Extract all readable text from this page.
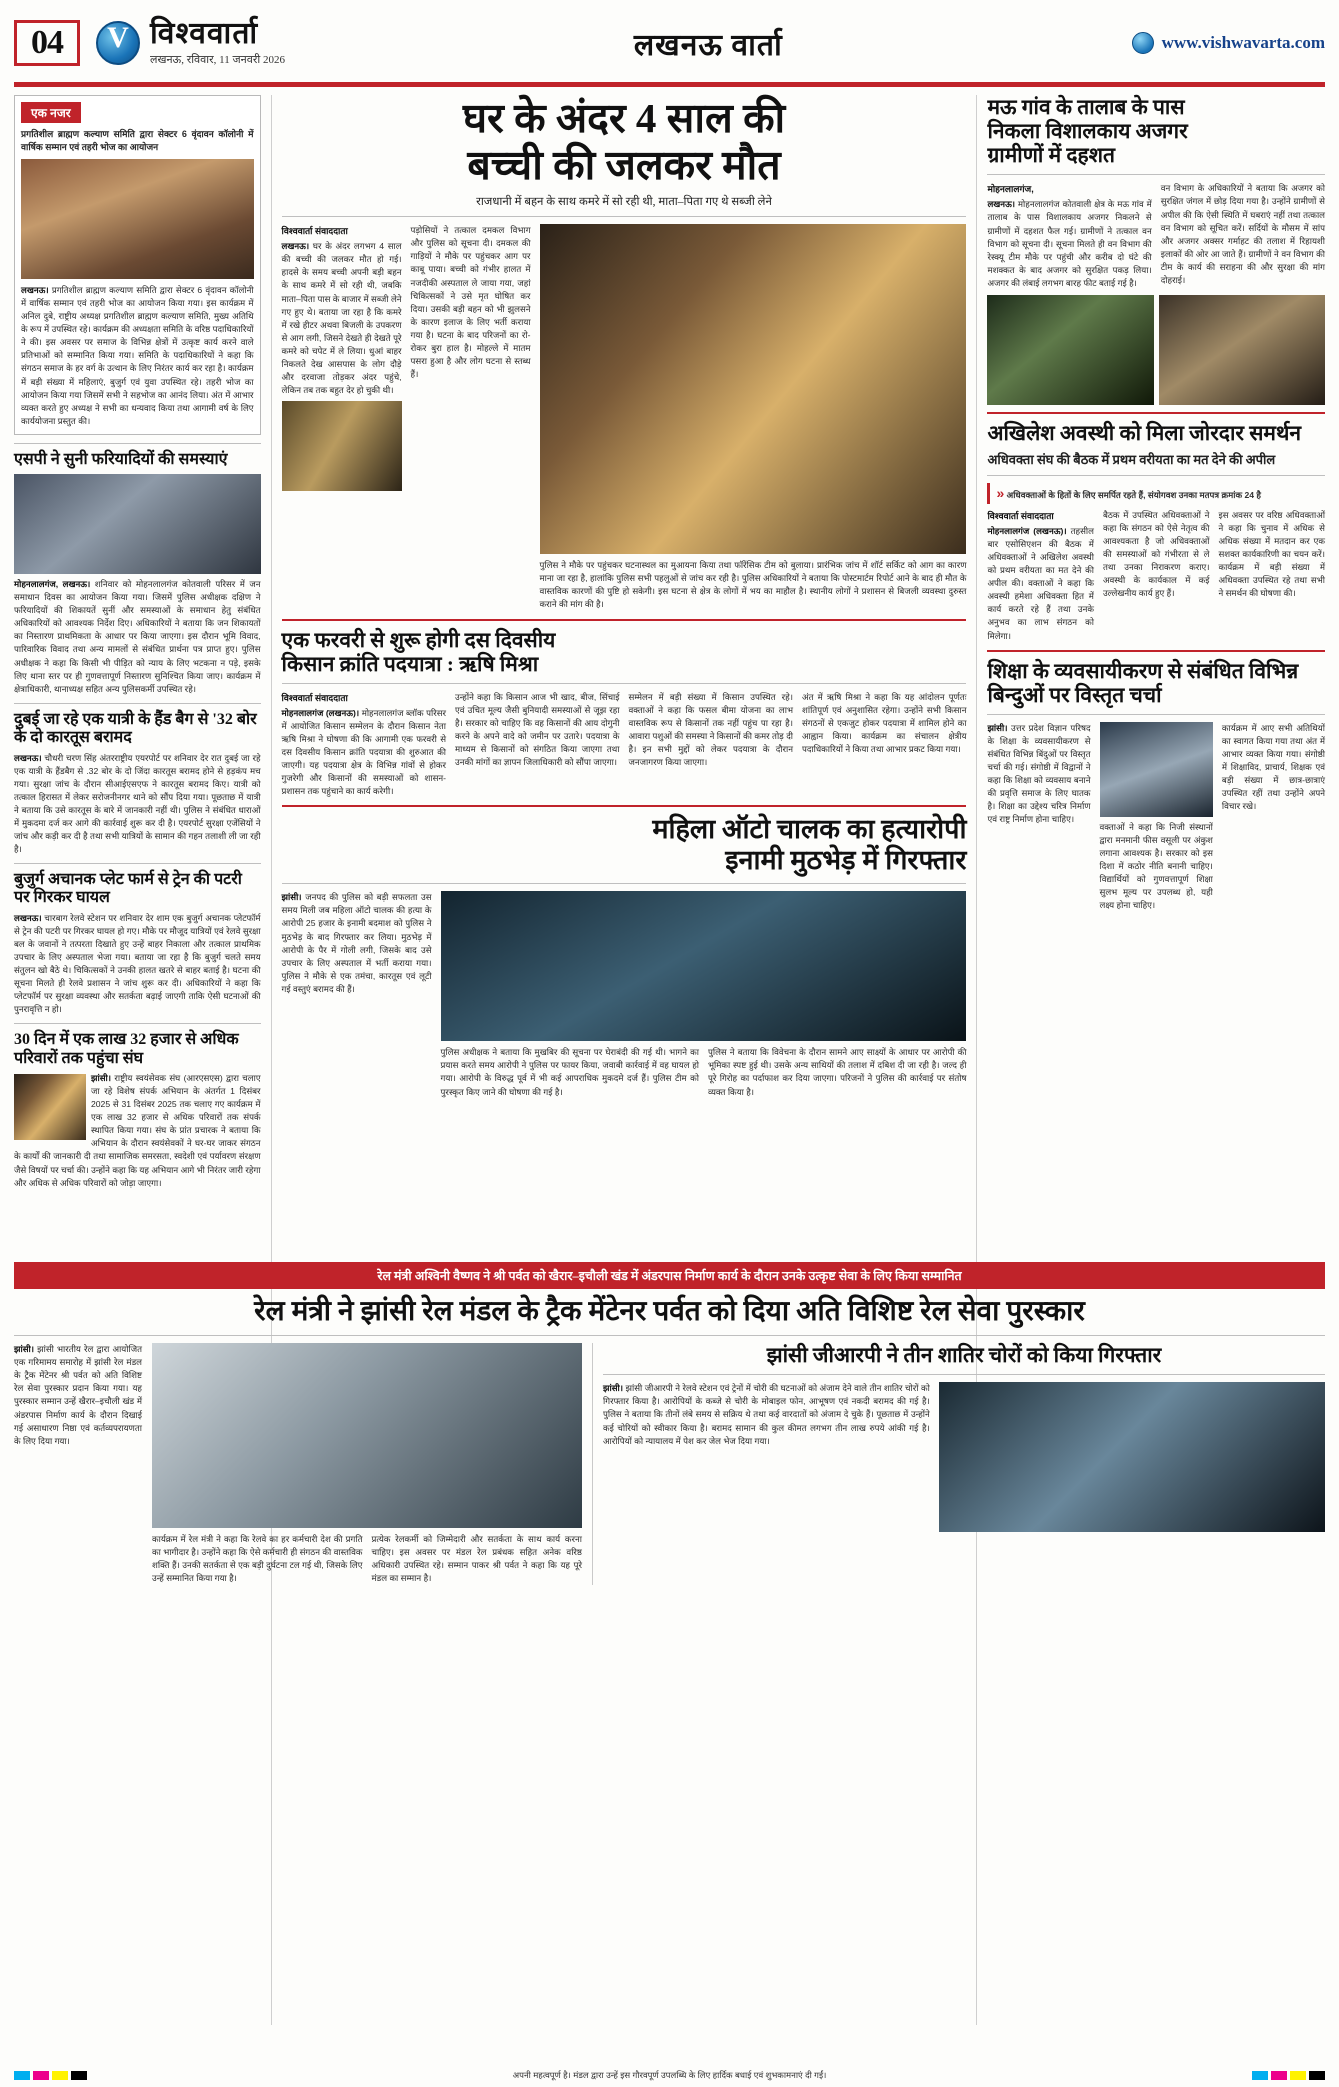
04 V	विश्ववार्ता
लखनऊ, रविवार, 11 जनवरी 2026	लखनऊ वार्ता	www.vishwavarta.com
एक नजर
प्रगतिशील ब्राह्मण कल्याण समिति द्वारा सेक्टर 6 वृंदावन कॉलोनी में वार्षिक सम्मान एवं तहरी भोज का आयोजन
लखनऊ। प्रगतिशील ब्राह्मण कल्याण समिति द्वारा सेक्टर 6 वृंदावन कॉलोनी में वार्षिक सम्मान एवं तहरी भोज का आयोजन किया गया। इस कार्यक्रम में अनिल दुबे, राष्ट्रीय अध्यक्ष प्रगतिशील ब्राह्मण कल्याण समिति, मुख्य अतिथि के रूप में उपस्थित रहे। कार्यक्रम की अध्यक्षता समिति के वरिष्ठ पदाधिकारियों ने की। इस अवसर पर समाज के विभिन्न क्षेत्रों में उत्कृष्ट कार्य करने वाले प्रतिभाओं को सम्मानित किया गया। समिति के पदाधिकारियों ने कहा कि संगठन समाज के हर वर्ग के उत्थान के लिए निरंतर कार्य कर रहा है। कार्यक्रम में बड़ी संख्या में महिलाएं, बुजुर्ग एवं युवा उपस्थित रहे। तहरी भोज का आयोजन किया गया जिसमें सभी ने सहभोज का आनंद लिया। अंत में आभार व्यक्त करते हुए अध्यक्ष ने सभी का धन्यवाद किया तथा आगामी वर्ष के लिए कार्ययोजना प्रस्तुत की।
एसपी ने सुनी फरियादियों की समस्याएं
मोहनलालगंज, लखनऊ। शनिवार को मोहनलालगंज कोतवाली परिसर में जन समाधान दिवस का आयोजन किया गया। जिसमें पुलिस अधीक्षक दक्षिण ने फरियादियों की शिकायतें सुनीं और समस्याओं के समाधान हेतु संबंधित अधिकारियों को आवश्यक निर्देश दिए। अधिकारियों ने बताया कि जन शिकायतों का निस्तारण प्राथमिकता के आधार पर किया जाएगा। इस दौरान भूमि विवाद, पारिवारिक विवाद तथा अन्य मामलों से संबंधित प्रार्थना पत्र प्राप्त हुए। पुलिस अधीक्षक ने कहा कि किसी भी पीड़ित को न्याय के लिए भटकना न पड़े, इसके लिए थाना स्तर पर ही गुणवत्तापूर्ण निस्तारण सुनिश्चित किया जाए। कार्यक्रम में क्षेत्राधिकारी, थानाध्यक्ष सहित अन्य पुलिसकर्मी उपस्थित रहे।
दुबई जा रहे एक यात्री के हैंड बैग से '32 बोर के दो कारतूस बरामद
लखनऊ। चौधरी चरण सिंह अंतरराष्ट्रीय एयरपोर्ट पर शनिवार देर रात दुबई जा रहे एक यात्री के हैंडबैग से .32 बोर के दो जिंदा कारतूस बरामद होने से हड़कंप मच गया। सुरक्षा जांच के दौरान सीआईएसएफ ने कारतूस बरामद किए। यात्री को तत्काल हिरासत में लेकर सरोजनीनगर थाने को सौंप दिया गया। पूछताछ में यात्री ने बताया कि उसे कारतूस के बारे में जानकारी नहीं थी। पुलिस ने संबंधित धाराओं में मुकदमा दर्ज कर आगे की कार्रवाई शुरू कर दी है। एयरपोर्ट सुरक्षा एजेंसियों ने जांच और कड़ी कर दी है तथा सभी यात्रियों के सामान की गहन तलाशी ली जा रही है।
बुजुर्ग अचानक प्लेट फार्म से ट्रेन की पटरी पर गिरकर घायल
लखनऊ। चारबाग रेलवे स्टेशन पर शनिवार देर शाम एक बुजुर्ग अचानक प्लेटफॉर्म से ट्रेन की पटरी पर गिरकर घायल हो गए। मौके पर मौजूद यात्रियों एवं रेलवे सुरक्षा बल के जवानों ने तत्परता दिखाते हुए उन्हें बाहर निकाला और तत्काल प्राथमिक उपचार के लिए अस्पताल भेजा गया। बताया जा रहा है कि बुजुर्ग चलते समय संतुलन खो बैठे थे। चिकित्सकों ने उनकी हालत खतरे से बाहर बताई है। घटना की सूचना मिलते ही रेलवे प्रशासन ने जांच शुरू कर दी। अधिकारियों ने कहा कि प्लेटफॉर्म पर सुरक्षा व्यवस्था और सतर्कता बढ़ाई जाएगी ताकि ऐसी घटनाओं की पुनरावृत्ति न हो।
30 दिन में एक लाख 32 हजार से अधिक परिवारों तक पहुंचा संघ
झांसी। राष्ट्रीय स्वयंसेवक संघ (आरएसएस) द्वारा चलाए जा रहे विशेष संपर्क अभियान के अंतर्गत 1 दिसंबर 2025 से 31 दिसंबर 2025 तक चलाए गए कार्यक्रम में एक लाख 32 हजार से अधिक परिवारों तक संपर्क स्थापित किया गया। संघ के प्रांत प्रचारक ने बताया कि अभियान के दौरान स्वयंसेवकों ने घर-घर जाकर संगठन के कार्यों की जानकारी दी तथा सामाजिक समरसता, स्वदेशी एवं पर्यावरण संरक्षण जैसे विषयों पर चर्चा की। उन्होंने कहा कि यह अभियान आगे भी निरंतर जारी रहेगा और अधिक से अधिक परिवारों को जोड़ा जाएगा।
घर के अंदर 4 साल की
बच्ची की जलकर मौत
राजधानी में बहन के साथ कमरे में सो रही थी, माता–पिता गए थे सब्जी लेने
विश्ववार्ता संवाददाता
लखनऊ। घर के अंदर लगभग 4 साल की बच्ची की जलकर मौत हो गई। हादसे के समय बच्ची अपनी बड़ी बहन के साथ कमरे में सो रही थी, जबकि माता–पिता पास के बाजार में सब्जी लेने गए हुए थे। बताया जा रहा है कि कमरे में रखे हीटर अथवा बिजली के उपकरण से आग लगी, जिसने देखते ही देखते पूरे कमरे को चपेट में ले लिया। धुआं बाहर निकलते देख आसपास के लोग दौड़े और दरवाजा तोड़कर अंदर पहुंचे, लेकिन तब तक बहुत देर हो चुकी थी।
पड़ोसियों ने तत्काल दमकल विभाग और पुलिस को सूचना दी। दमकल की गाड़ियों ने मौके पर पहुंचकर आग पर काबू पाया। बच्ची को गंभीर हालत में नजदीकी अस्पताल ले जाया गया, जहां चिकित्सकों ने उसे मृत घोषित कर दिया। उसकी बड़ी बहन को भी झुलसने के कारण इलाज के लिए भर्ती कराया गया है। घटना के बाद परिजनों का रो-रोकर बुरा हाल है। मोहल्ले में मातम पसरा हुआ है और लोग घटना से स्तब्ध हैं।
पुलिस ने मौके पर पहुंचकर घटनास्थल का मुआयना किया तथा फॉरेंसिक टीम को बुलाया। प्रारंभिक जांच में शॉर्ट सर्किट को आग का कारण माना जा रहा है, हालांकि पुलिस सभी पहलुओं से जांच कर रही है। पुलिस अधिकारियों ने बताया कि पोस्टमार्टम रिपोर्ट आने के बाद ही मौत के वास्तविक कारणों की पुष्टि हो सकेगी। इस घटना से क्षेत्र के लोगों में भय का माहौल है। स्थानीय लोगों ने प्रशासन से बिजली व्यवस्था दुरुस्त कराने की मांग की है।
एक फरवरी से शुरू होगी दस दिवसीय
किसान क्रांति पदयात्रा : ऋषि मिश्रा
विश्ववार्ता संवाददाता
मोहनलालगंज (लखनऊ)। मोहनलालगंज ब्लॉक परिसर में आयोजित किसान सम्मेलन के दौरान किसान नेता ऋषि मिश्रा ने घोषणा की कि आगामी एक फरवरी से दस दिवसीय किसान क्रांति पदयात्रा की शुरुआत की जाएगी। यह पदयात्रा क्षेत्र के विभिन्न गांवों से होकर गुजरेगी और किसानों की समस्याओं को शासन-प्रशासन तक पहुंचाने का कार्य करेगी।
उन्होंने कहा कि किसान आज भी खाद, बीज, सिंचाई एवं उचित मूल्य जैसी बुनियादी समस्याओं से जूझ रहा है। सरकार को चाहिए कि वह किसानों की आय दोगुनी करने के अपने वादे को जमीन पर उतारे। पदयात्रा के माध्यम से किसानों को संगठित किया जाएगा तथा उनकी मांगों का ज्ञापन जिलाधिकारी को सौंपा जाएगा।
सम्मेलन में बड़ी संख्या में किसान उपस्थित रहे। वक्ताओं ने कहा कि फसल बीमा योजना का लाभ वास्तविक रूप से किसानों तक नहीं पहुंच पा रहा है। आवारा पशुओं की समस्या ने किसानों की कमर तोड़ दी है। इन सभी मुद्दों को लेकर पदयात्रा के दौरान जनजागरण किया जाएगा।
अंत में ऋषि मिश्रा ने कहा कि यह आंदोलन पूर्णतः शांतिपूर्ण एवं अनुशासित रहेगा। उन्होंने सभी किसान संगठनों से एकजुट होकर पदयात्रा में शामिल होने का आह्वान किया। कार्यक्रम का संचालन क्षेत्रीय पदाधिकारियों ने किया तथा आभार प्रकट किया गया।
महिला ऑटो चालक का हत्यारोपी
इनामी मुठभेड़ में गिरफ्तार
झांसी। जनपद की पुलिस को बड़ी सफलता उस समय मिली जब महिला ऑटो चालक की हत्या के आरोपी 25 हजार के इनामी बदमाश को पुलिस ने मुठभेड़ के बाद गिरफ्तार कर लिया। मुठभेड़ में आरोपी के पैर में गोली लगी, जिसके बाद उसे उपचार के लिए अस्पताल में भर्ती कराया गया। पुलिस ने मौके से एक तमंचा, कारतूस एवं लूटी गई वस्तुएं बरामद की हैं।
पुलिस अधीक्षक ने बताया कि मुखबिर की सूचना पर घेराबंदी की गई थी। भागने का प्रयास करते समय आरोपी ने पुलिस पर फायर किया, जवाबी कार्रवाई में वह घायल हो गया। आरोपी के विरुद्ध पूर्व में भी कई आपराधिक मुकदमे दर्ज हैं। पुलिस टीम को पुरस्कृत किए जाने की घोषणा की गई है।
पुलिस ने बताया कि विवेचना के दौरान सामने आए साक्ष्यों के आधार पर आरोपी की भूमिका स्पष्ट हुई थी। उसके अन्य साथियों की तलाश में दबिश दी जा रही है। जल्द ही पूरे गिरोह का पर्दाफाश कर दिया जाएगा। परिजनों ने पुलिस की कार्रवाई पर संतोष व्यक्त किया है।
मऊ गांव के तालाब के पास
निकला विशालकाय अजगर
ग्रामीणों में दहशत
मोहनलालगंज,
लखनऊ। मोहनलालगंज कोतवाली क्षेत्र के मऊ गांव में तालाब के पास विशालकाय अजगर निकलने से ग्रामीणों में दहशत फैल गई। ग्रामीणों ने तत्काल वन विभाग को सूचना दी। सूचना मिलते ही वन विभाग की रेस्क्यू टीम मौके पर पहुंची और करीब दो घंटे की मशक्कत के बाद अजगर को सुरक्षित पकड़ लिया। अजगर की लंबाई लगभग बारह फीट बताई गई है।
वन विभाग के अधिकारियों ने बताया कि अजगर को सुरक्षित जंगल में छोड़ दिया गया है। उन्होंने ग्रामीणों से अपील की कि ऐसी स्थिति में घबराएं नहीं तथा तत्काल वन विभाग को सूचित करें। सर्दियों के मौसम में सांप और अजगर अक्सर गर्माहट की तलाश में रिहायशी इलाकों की ओर आ जाते हैं। ग्रामीणों ने वन विभाग की टीम के कार्य की सराहना की और सुरक्षा की मांग दोहराई।
अखिलेश अवस्थी को मिला जोरदार समर्थन
अधिवक्ता संघ की बैठक में प्रथम वरीयता का मत देने की अपील
» अधिवक्ताओं के हितों के लिए समर्पित रहते हैं, संयोगवश उनका मतपत्र क्रमांक 24 है
विश्ववार्ता संवाददाता
मोहनलालगंज (लखनऊ)। तहसील बार एसोसिएशन की बैठक में अधिवक्ताओं ने अखिलेश अवस्थी को प्रथम वरीयता का मत देने की अपील की। वक्ताओं ने कहा कि अवस्थी हमेशा अधिवक्ता हित में कार्य करते रहे हैं तथा उनके अनुभव का लाभ संगठन को मिलेगा।
बैठक में उपस्थित अधिवक्ताओं ने कहा कि संगठन को ऐसे नेतृत्व की आवश्यकता है जो अधिवक्ताओं की समस्याओं को गंभीरता से ले तथा उनका निराकरण कराए। अवस्थी के कार्यकाल में कई उल्लेखनीय कार्य हुए हैं।
इस अवसर पर वरिष्ठ अधिवक्ताओं ने कहा कि चुनाव में अधिक से अधिक संख्या में मतदान कर एक सशक्त कार्यकारिणी का चयन करें। कार्यक्रम में बड़ी संख्या में अधिवक्ता उपस्थित रहे तथा सभी ने समर्थन की घोषणा की।
शिक्षा के व्यवसायीकरण से संबंधित विभिन्न
बिन्दुओं पर विस्तृत चर्चा
झांसी। उत्तर प्रदेश विज्ञान परिषद के शिक्षा के व्यवसायीकरण से संबंधित विभिन्न बिंदुओं पर विस्तृत चर्चा की गई। संगोष्ठी में विद्वानों ने कहा कि शिक्षा को व्यवसाय बनाने की प्रवृत्ति समाज के लिए घातक है। शिक्षा का उद्देश्य चरित्र निर्माण एवं राष्ट्र निर्माण होना चाहिए।
वक्ताओं ने कहा कि निजी संस्थानों द्वारा मनमानी फीस वसूली पर अंकुश लगाना आवश्यक है। सरकार को इस दिशा में कठोर नीति बनानी चाहिए। विद्यार्थियों को गुणवत्तापूर्ण शिक्षा सुलभ मूल्य पर उपलब्ध हो, यही लक्ष्य होना चाहिए।
कार्यक्रम में आए सभी अतिथियों का स्वागत किया गया तथा अंत में आभार व्यक्त किया गया। संगोष्ठी में शिक्षाविद, प्राचार्य, शिक्षक एवं बड़ी संख्या में छात्र-छात्राएं उपस्थित रहीं तथा उन्होंने अपने विचार रखे।
रेल मंत्री अश्विनी वैष्णव ने श्री पर्वत को खैरार–इचौली खंड में अंडरपास निर्माण कार्य के दौरान उनके उत्कृष्ट सेवा के लिए किया सम्मानित
रेल मंत्री ने झांसी रेल मंडल के ट्रैक मेंटेनर पर्वत को दिया अति विशिष्ट रेल सेवा पुरस्कार
झांसी। झांसी भारतीय रेल द्वारा आयोजित एक गरिमामय समारोह में झांसी रेल मंडल के ट्रैक मेंटेनर श्री पर्वत को अति विशिष्ट रेल सेवा पुरस्कार प्रदान किया गया। यह पुरस्कार सम्मान उन्हें खैरार–इचौली खंड में अंडरपास निर्माण कार्य के दौरान दिखाई गई असाधारण निष्ठा एवं कर्तव्यपरायणता के लिए दिया गया।
कार्यक्रम में रेल मंत्री ने कहा कि रेलवे का हर कर्मचारी देश की प्रगति का भागीदार है। उन्होंने कहा कि ऐसे कर्मचारी ही संगठन की वास्तविक शक्ति हैं। उनकी सतर्कता से एक बड़ी दुर्घटना टल गई थी, जिसके लिए उन्हें सम्मानित किया गया है।
प्रत्येक रेलकर्मी को जिम्मेदारी और सतर्कता के साथ कार्य करना चाहिए। इस अवसर पर मंडल रेल प्रबंधक सहित अनेक वरिष्ठ अधिकारी उपस्थित रहे। सम्मान पाकर श्री पर्वत ने कहा कि यह पूरे मंडल का सम्मान है।
झांसी जीआरपी ने तीन शातिर चोरों को किया गिरफ्तार
झांसी। झांसी जीआरपी ने रेलवे स्टेशन एवं ट्रेनों में चोरी की घटनाओं को अंजाम देने वाले तीन शातिर चोरों को गिरफ्तार किया है। आरोपियों के कब्जे से चोरी के मोबाइल फोन, आभूषण एवं नकदी बरामद की गई है। पुलिस ने बताया कि तीनों लंबे समय से सक्रिय थे तथा कई वारदातों को अंजाम दे चुके हैं। पूछताछ में उन्होंने कई चोरियों को स्वीकार किया है। बरामद सामान की कुल कीमत लगभग तीन लाख रुपये आंकी गई है। आरोपियों को न्यायालय में पेश कर जेल भेज दिया गया।
अपनी महत्वपूर्ण है। मंडल द्वारा उन्हें इस गौरवपूर्ण उपलब्धि के लिए हार्दिक बधाई एवं शुभकामनाएं दी गईं।
